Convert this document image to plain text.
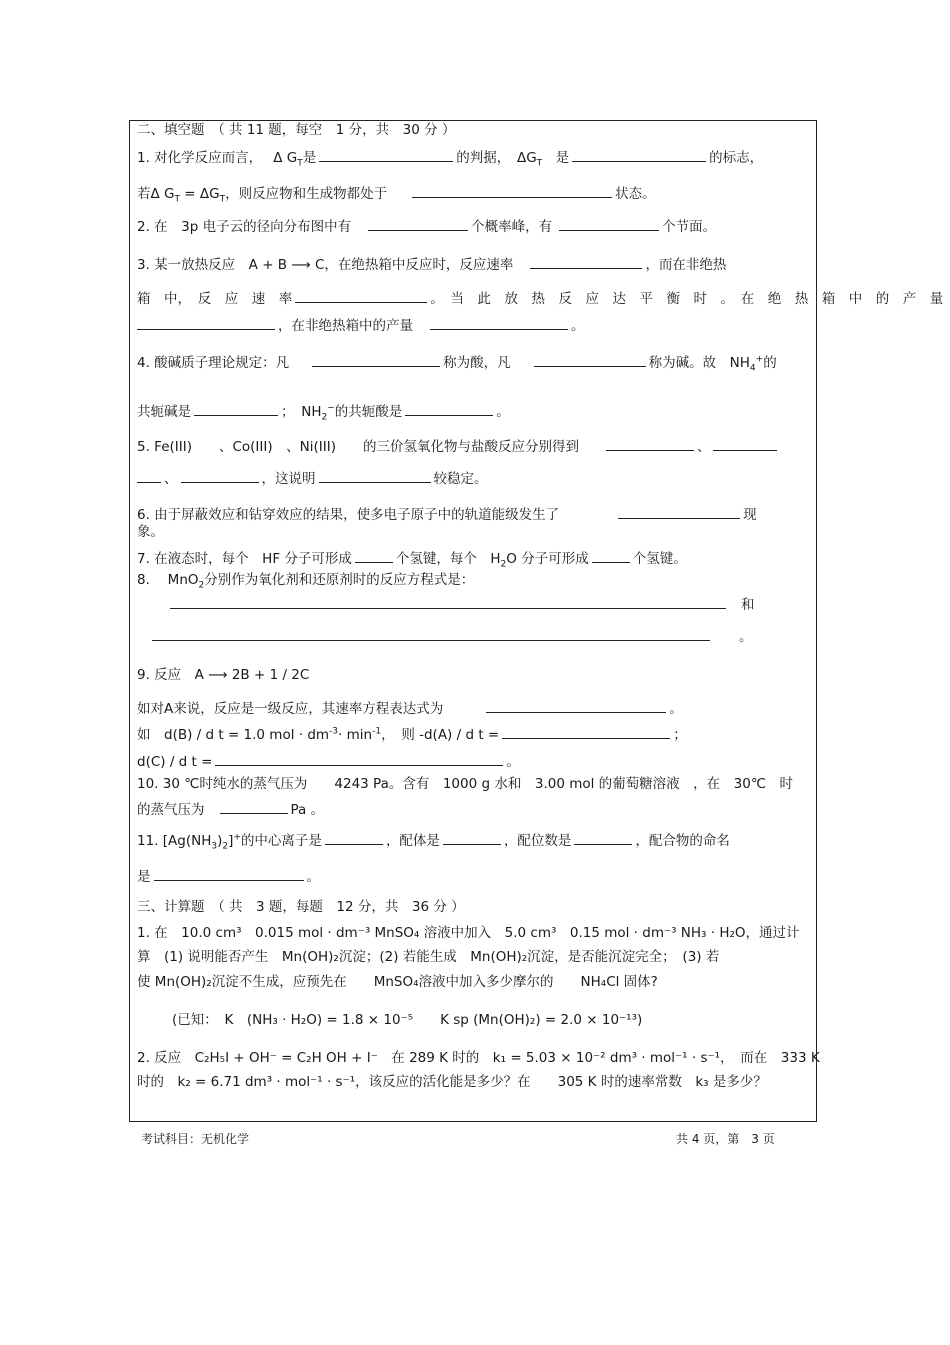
二、填空题　（ 共 11 题，每空　1 分，共　30 分 ）
1. 对化学反应而言，　 Δ $G_T$是	的判据，　$\Delta G_T$　 是	的标志，
若Δ $G_T = \Delta G_T$，则反应物和生成物都处于	状态。
2. 在　3p 电子云的径向分布图中有	个概率峰，有	个节面。
3. 某一放热反应　A + B ⟶ C，在绝热箱中反应时，反应速率	，而在非绝热
箱　中，　反　应　速　率	。　当　此　放　热　反　应　达　平　衡　时　。　在　绝　热　箱　中　的　产　量
，在非绝热箱中的产量	。
4. 酸碱质子理论规定：凡	称为酸，凡	称为碱。故　$NH_4^+$的
共轭碱是	；　$NH_2^-$的共轭酸是	。
5. Fe(III)　　、Co(III)　、Ni(III)　　的三价氢氧化物与盐酸反应分别得到	、
、	，这说明	较稳定。
6. 由于屏蔽效应和钻穿效应的结果，使多电子原子中的轨道能级发生了	现
象。
7. 在液态时，每个　HF 分子可形成	个氢键，每个　$H_2O$ 分子可形成	个氢键。
8.　 MnO$_2$分别作为氧化剂和还原剂时的反应方程式是：
和
。
9. 反应　A ⟶ 2B + 1 / 2C
如对A来说，反应是一级反应，其速率方程表达式为	。
如　d(B) / d t = 1.0 mol · $dm^{-3}\cdot \min^{-1}$，　则 -d(A) / d t =	；
d(C) / d t =	。
10. 30 ℃时纯水的蒸气压为　　4243 Pa。含有　1000 g 水和　3.00 mol 的葡萄糖溶液　，在　30℃　时
的蒸气压为	Pa 。
11. $[Ag(NH_3)_2]^+$的中心离子是	，配体是	，配位数是	，配合物的命名
是	。
三、计算题　（ 共　3 题，每题　12 分，共　36 分 ）
1. 在　10.0 cm³　0.015 mol · dm⁻³ MnSO₄ 溶液中加入　5.0 cm³　0.15 mol · dm⁻³ NH₃ · H₂O，通过计
算　(1) 说明能否产生　Mn(OH)₂沉淀；(2) 若能生成　Mn(OH)₂沉淀，是否能沉淀完全；　(3) 若
使 Mn(OH)₂沉淀不生成，应预先在　　MnSO₄溶液中加入多少摩尔的　　NH₄Cl 固体?
(已知：　K　(NH₃ · H₂O) = 1.8 × 10⁻⁵　　K sp (Mn(OH)₂) = 2.0 × 10⁻¹³)
2. 反应　C₂H₅I + OH⁻ = C₂H OH + I⁻　在 289 K 时的　k₁ = 5.03 × 10⁻² dm³ · mol⁻¹ · s⁻¹，　而在　333 K
时的　k₂ = 6.71 dm³ · mol⁻¹ · s⁻¹，该反应的活化能是多少？在　　305 K 时的速率常数　k₃ 是多少？
考试科目：无机化学	共 4 页，第　3 页
